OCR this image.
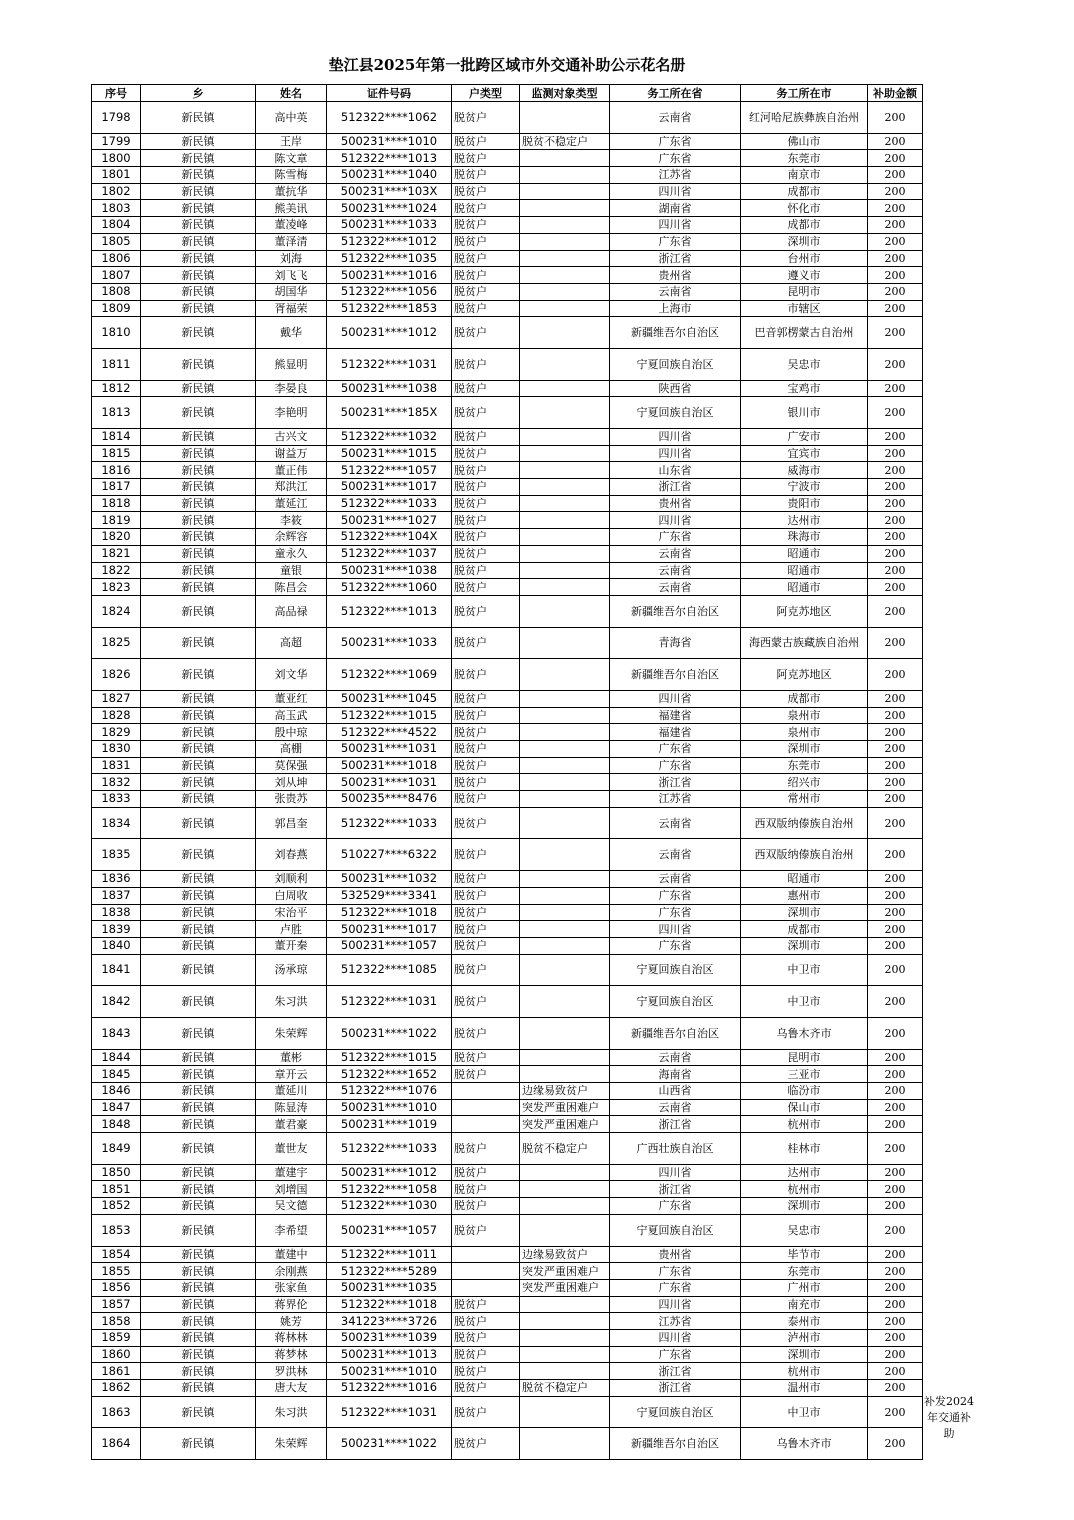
垫江县2025年第一批跨区域市外交通补助公示花名册
序号	乡	姓名	证件号码	户类型	监测对象类型	务工所在省	务工所在市	补助金额
1798	新民镇	高中英	512322****1062	脱贫户		云南省	红河哈尼族彝族自治州	200
1799	新民镇	王岸	500231****1010	脱贫户	脱贫不稳定户	广东省	佛山市	200
1800	新民镇	陈文章	512322****1013	脱贫户		广东省	东莞市	200
1801	新民镇	陈雪梅	500231****1040	脱贫户		江苏省	南京市	200
1802	新民镇	董抗华	500231****103X	脱贫户		四川省	成都市	200
1803	新民镇	熊美讯	500231****1024	脱贫户		湖南省	怀化市	200
1804	新民镇	董凌峰	500231****1033	脱贫户		四川省	成都市	200
1805	新民镇	董泽清	512322****1012	脱贫户		广东省	深圳市	200
1806	新民镇	刘海	512322****1035	脱贫户		浙江省	台州市	200
1807	新民镇	刘飞飞	500231****1016	脱贫户		贵州省	遵义市	200
1808	新民镇	胡国华	512322****1056	脱贫户		云南省	昆明市	200
1809	新民镇	胥福荣	512322****1853	脱贫户		上海市	市辖区	200
1810	新民镇	戴华	500231****1012	脱贫户		新疆维吾尔自治区	巴音郭楞蒙古自治州	200
1811	新民镇	熊显明	512322****1031	脱贫户		宁夏回族自治区	吴忠市	200
1812	新民镇	李晏良	500231****1038	脱贫户		陕西省	宝鸡市	200
1813	新民镇	李艳明	500231****185X	脱贫户		宁夏回族自治区	银川市	200
1814	新民镇	古兴文	512322****1032	脱贫户		四川省	广安市	200
1815	新民镇	谢益万	500231****1015	脱贫户		四川省	宜宾市	200
1816	新民镇	董正伟	512322****1057	脱贫户		山东省	威海市	200
1817	新民镇	郑洪江	500231****1017	脱贫户		浙江省	宁波市	200
1818	新民镇	董延江	512322****1033	脱贫户		贵州省	贵阳市	200
1819	新民镇	李筱	500231****1027	脱贫户		四川省	达州市	200
1820	新民镇	余辉容	512322****104X	脱贫户		广东省	珠海市	200
1821	新民镇	童永久	512322****1037	脱贫户		云南省	昭通市	200
1822	新民镇	童银	500231****1038	脱贫户		云南省	昭通市	200
1823	新民镇	陈昌会	512322****1060	脱贫户		云南省	昭通市	200
1824	新民镇	高品禄	512322****1013	脱贫户		新疆维吾尔自治区	阿克苏地区	200
1825	新民镇	高超	500231****1033	脱贫户		青海省	海西蒙古族藏族自治州	200
1826	新民镇	刘文华	512322****1069	脱贫户		新疆维吾尔自治区	阿克苏地区	200
1827	新民镇	董亚红	500231****1045	脱贫户		四川省	成都市	200
1828	新民镇	高玉武	512322****1015	脱贫户		福建省	泉州市	200
1829	新民镇	殷中琼	512322****4522	脱贫户		福建省	泉州市	200
1830	新民镇	高棚	500231****1031	脱贫户		广东省	深圳市	200
1831	新民镇	莫保强	500231****1018	脱贫户		广东省	东莞市	200
1832	新民镇	刘从坤	500231****1031	脱贫户		浙江省	绍兴市	200
1833	新民镇	张贵苏	500235****8476	脱贫户		江苏省	常州市	200
1834	新民镇	郭昌奎	512322****1033	脱贫户		云南省	西双版纳傣族自治州	200
1835	新民镇	刘春燕	510227****6322	脱贫户		云南省	西双版纳傣族自治州	200
1836	新民镇	刘顺利	500231****1032	脱贫户		云南省	昭通市	200
1837	新民镇	白周收	532529****3341	脱贫户		广东省	惠州市	200
1838	新民镇	宋治平	512322****1018	脱贫户		广东省	深圳市	200
1839	新民镇	卢胜	500231****1017	脱贫户		四川省	成都市	200
1840	新民镇	董开秦	500231****1057	脱贫户		广东省	深圳市	200
1841	新民镇	汤承琼	512322****1085	脱贫户		宁夏回族自治区	中卫市	200
1842	新民镇	朱习洪	512322****1031	脱贫户		宁夏回族自治区	中卫市	200
1843	新民镇	朱荣辉	500231****1022	脱贫户		新疆维吾尔自治区	乌鲁木齐市	200
1844	新民镇	董彬	512322****1015	脱贫户		云南省	昆明市	200
1845	新民镇	章开云	512322****1652	脱贫户		海南省	三亚市	200
1846	新民镇	董延川	512322****1076		边缘易致贫户	山西省	临汾市	200
1847	新民镇	陈显涛	500231****1010		突发严重困难户	云南省	保山市	200
1848	新民镇	董君豪	500231****1019		突发严重困难户	浙江省	杭州市	200
1849	新民镇	董世友	512322****1033	脱贫户	脱贫不稳定户	广西壮族自治区	桂林市	200
1850	新民镇	董建宇	500231****1012	脱贫户		四川省	达州市	200
1851	新民镇	刘增国	512322****1058	脱贫户		浙江省	杭州市	200
1852	新民镇	吴文德	512322****1030	脱贫户		广东省	深圳市	200
1853	新民镇	李希望	500231****1057	脱贫户		宁夏回族自治区	吴忠市	200
1854	新民镇	董建中	512322****1011		边缘易致贫户	贵州省	毕节市	200
1855	新民镇	余刚燕	512322****5289		突发严重困难户	广东省	东莞市	200
1856	新民镇	张家鱼	500231****1035		突发严重困难户	广东省	广州市	200
1857	新民镇	蒋界伦	512322****1018	脱贫户		四川省	南充市	200
1858	新民镇	姚芳	341223****3726	脱贫户		江苏省	泰州市	200
1859	新民镇	蒋林林	500231****1039	脱贫户		四川省	泸州市	200
1860	新民镇	蒋梦林	500231****1013	脱贫户		广东省	深圳市	200
1861	新民镇	罗洪林	500231****1010	脱贫户		浙江省	杭州市	200
1862	新民镇	唐大友	512322****1016	脱贫户	脱贫不稳定户	浙江省	温州市	200
1863	新民镇	朱习洪	512322****1031	脱贫户		宁夏回族自治区	中卫市	200
1864	新民镇	朱荣辉	500231****1022	脱贫户		新疆维吾尔自治区	乌鲁木齐市	200
补发2024年交通补助
